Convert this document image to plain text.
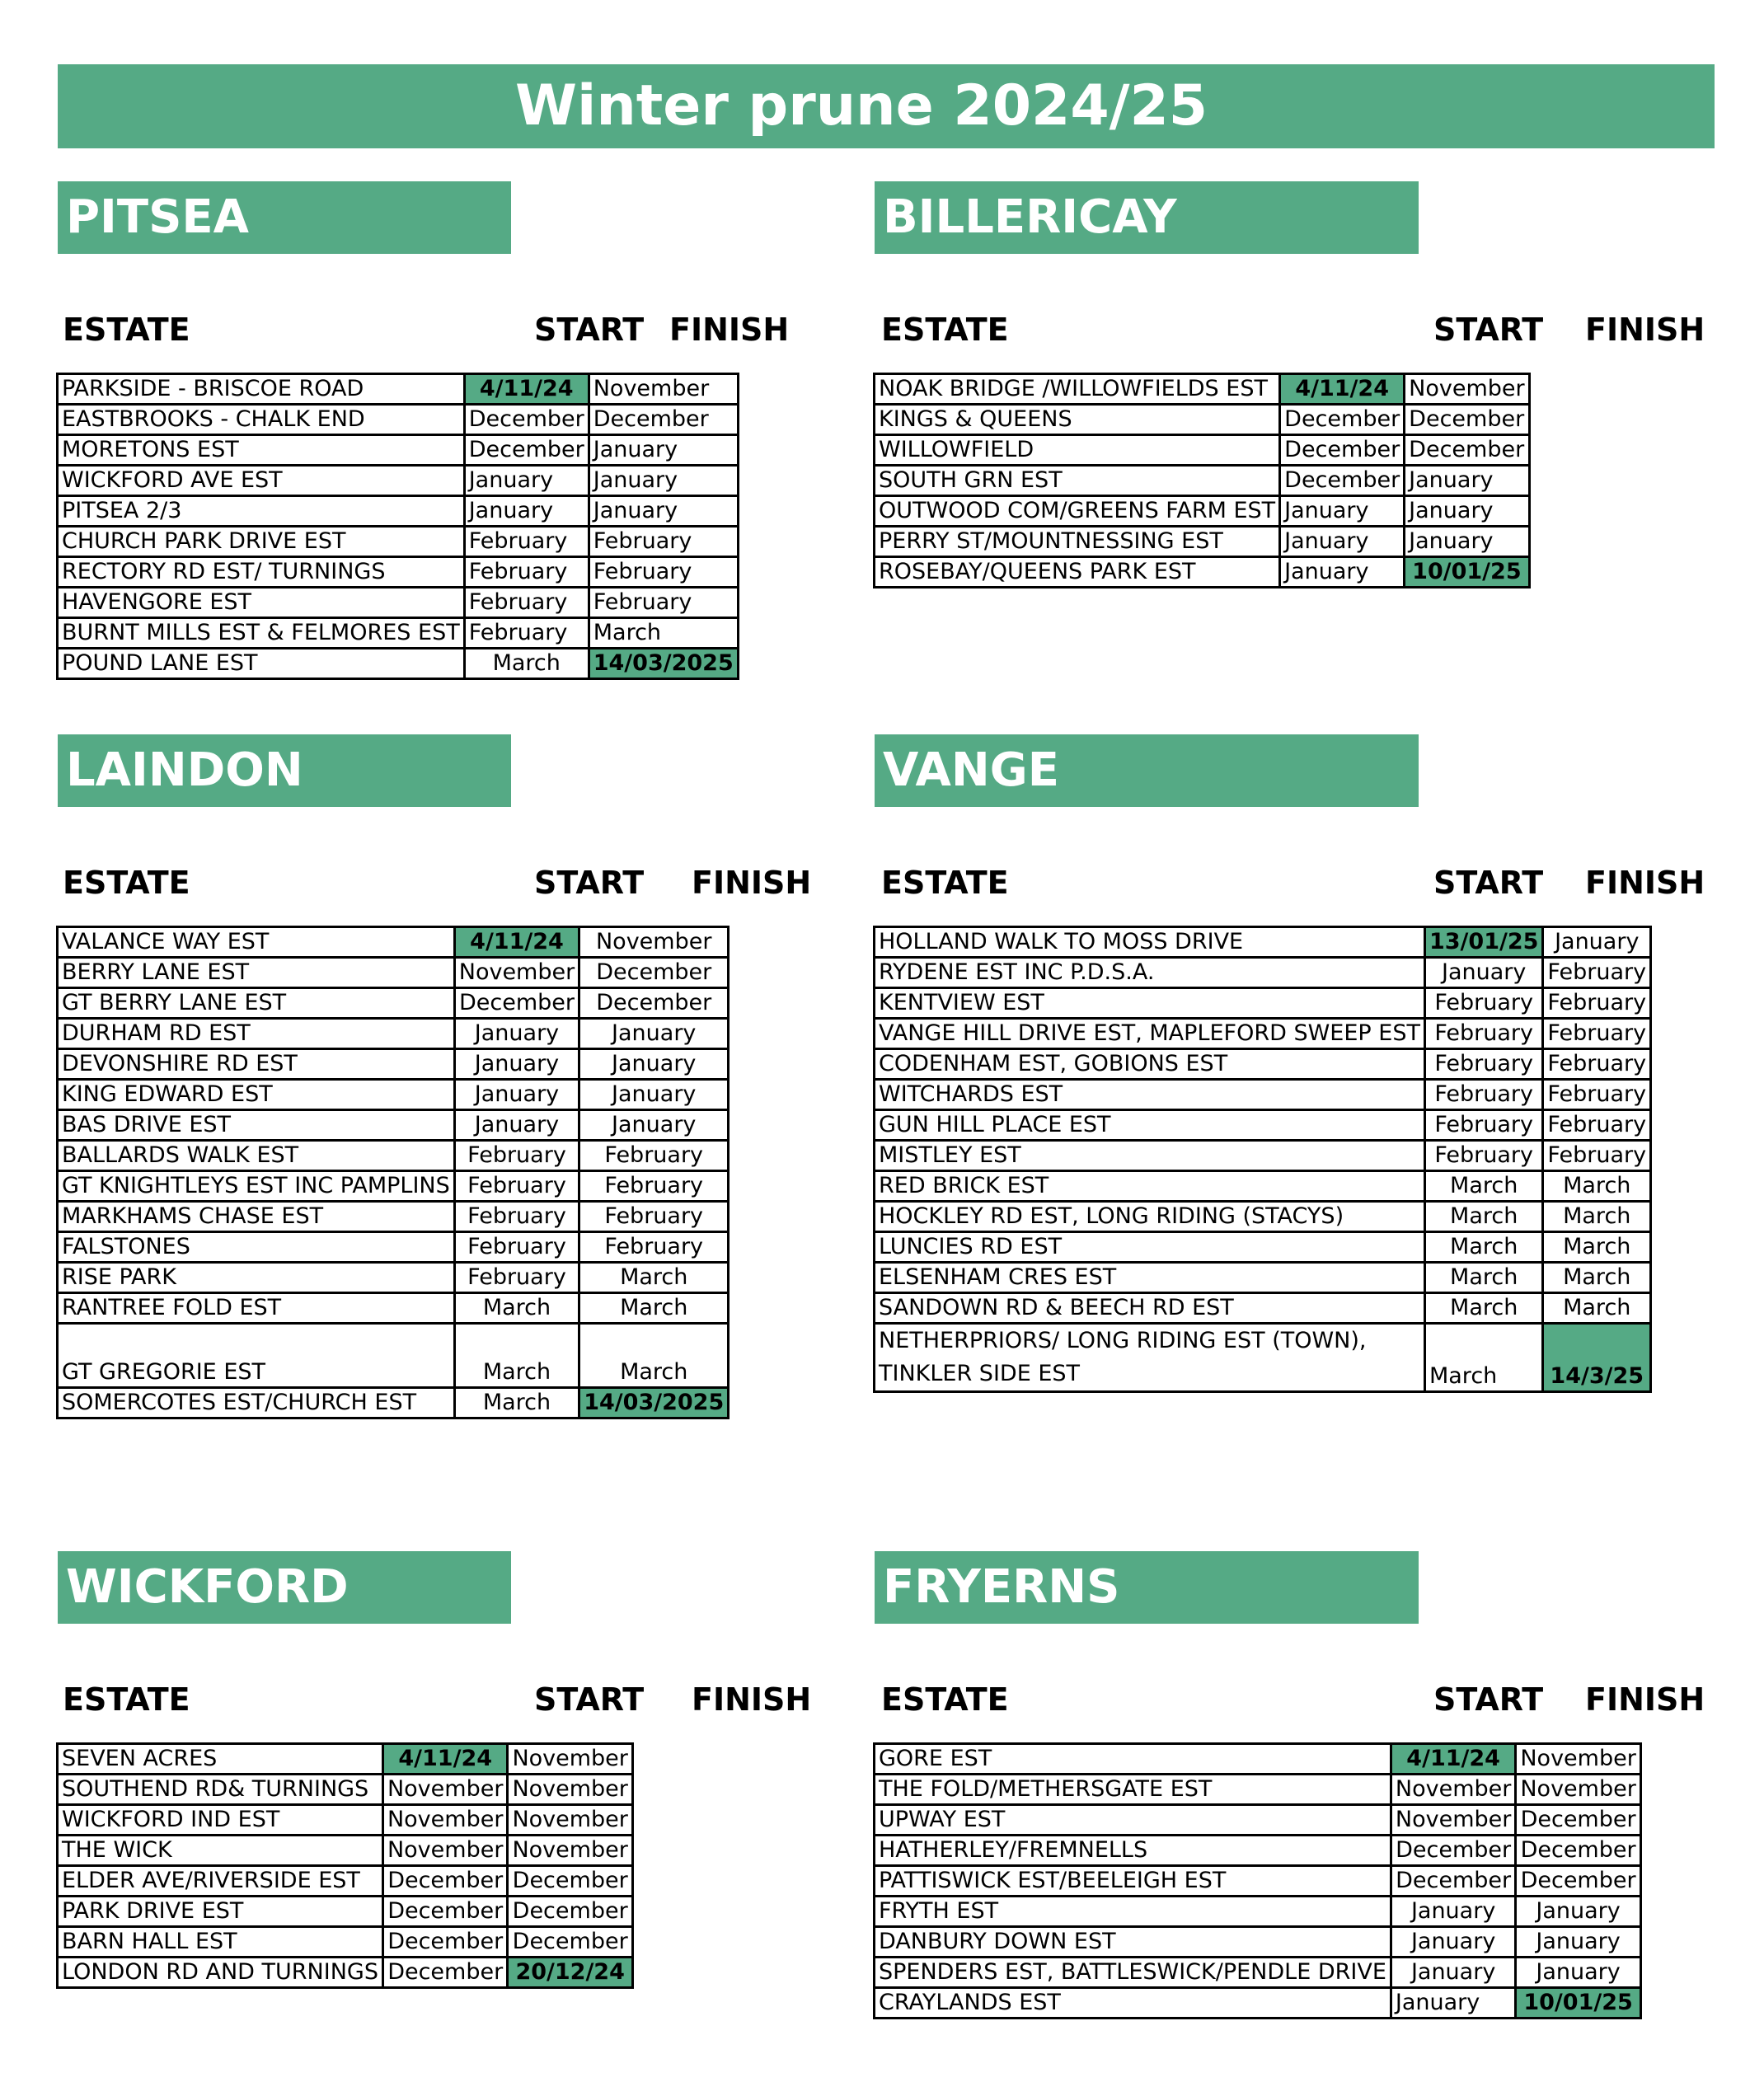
Winter prune 2024/25
PITSEA
ESTATE	START FINISH
PARKSIDE - BRISCOE ROAD	4/11/24	November
EASTBROOKS - CHALK END	December	December
MORETONS EST	December	January
WICKFORD AVE EST	January	January
PITSEA 2/3	January	January
CHURCH PARK DRIVE EST	February	February
RECTORY RD EST/ TURNINGS	February	February
HAVENGORE EST	February	February
BURNT MILLS EST & FELMORES EST	February	March
POUND LANE EST	March	14/03/2025
BILLERICAY
ESTATE	START FINISH
NOAK BRIDGE /WILLOWFIELDS EST	4/11/24	November
KINGS & QUEENS	December	December
WILLOWFIELD	December	December
SOUTH GRN EST	December	January
OUTWOOD COM/GREENS FARM EST	January	January
PERRY ST/MOUNTNESSING EST	January	January
ROSEBAY/QUEENS PARK EST	January	10/01/25
LAINDON
ESTATE	START FINISH
VALANCE WAY EST	4/11/24	November
BERRY LANE EST	November	December
GT BERRY LANE EST	December	December
DURHAM RD EST	January	January
DEVONSHIRE RD EST	January	January
KING EDWARD EST	January	January
BAS DRIVE EST	January	January
BALLARDS WALK EST	February	February
GT KNIGHTLEYS EST INC PAMPLINS	February	February
MARKHAMS CHASE EST	February	February
FALSTONES	February	February
RISE PARK	February	March
RANTREE FOLD EST	March	March
GT GREGORIE EST	March	March
SOMERCOTES EST/CHURCH EST	March	14/03/2025
VANGE
ESTATE	START FINISH
HOLLAND WALK TO MOSS DRIVE	13/01/25	January
RYDENE EST INC P.D.S.A.	January	February
KENTVIEW EST	February	February
VANGE HILL DRIVE EST, MAPLEFORD SWEEP EST	February	February
CODENHAM EST, GOBIONS EST	February	February
WITCHARDS EST	February	February
GUN HILL PLACE EST	February	February
MISTLEY EST	February	February
RED BRICK EST	March	March
HOCKLEY RD EST, LONG RIDING (STACYS)	March	March
LUNCIES RD EST	March	March
ELSENHAM CRES EST	March	March
SANDOWN RD & BEECH RD EST	March	March
NETHERPRIORS/ LONG RIDING EST (TOWN), TINKLER SIDE EST	March	14/3/25
WICKFORD
ESTATE	START FINISH
SEVEN ACRES	4/11/24	November
SOUTHEND RD& TURNINGS	November	November
WICKFORD IND EST	November	November
THE WICK	November	November
ELDER AVE/RIVERSIDE EST	December	December
PARK DRIVE EST	December	December
BARN HALL EST	December	December
LONDON RD AND TURNINGS	December	20/12/24
FRYERNS
ESTATE	START FINISH
GORE EST	4/11/24	November
THE FOLD/METHERSGATE EST	November	November
UPWAY EST	November	December
HATHERLEY/FREMNELLS	December	December
PATTISWICK EST/BEELEIGH EST	December	December
FRYTH EST	January	January
DANBURY DOWN EST	January	January
SPENDERS EST, BATTLESWICK/PENDLE DRIVE	January	January
CRAYLANDS EST	January	10/01/25
